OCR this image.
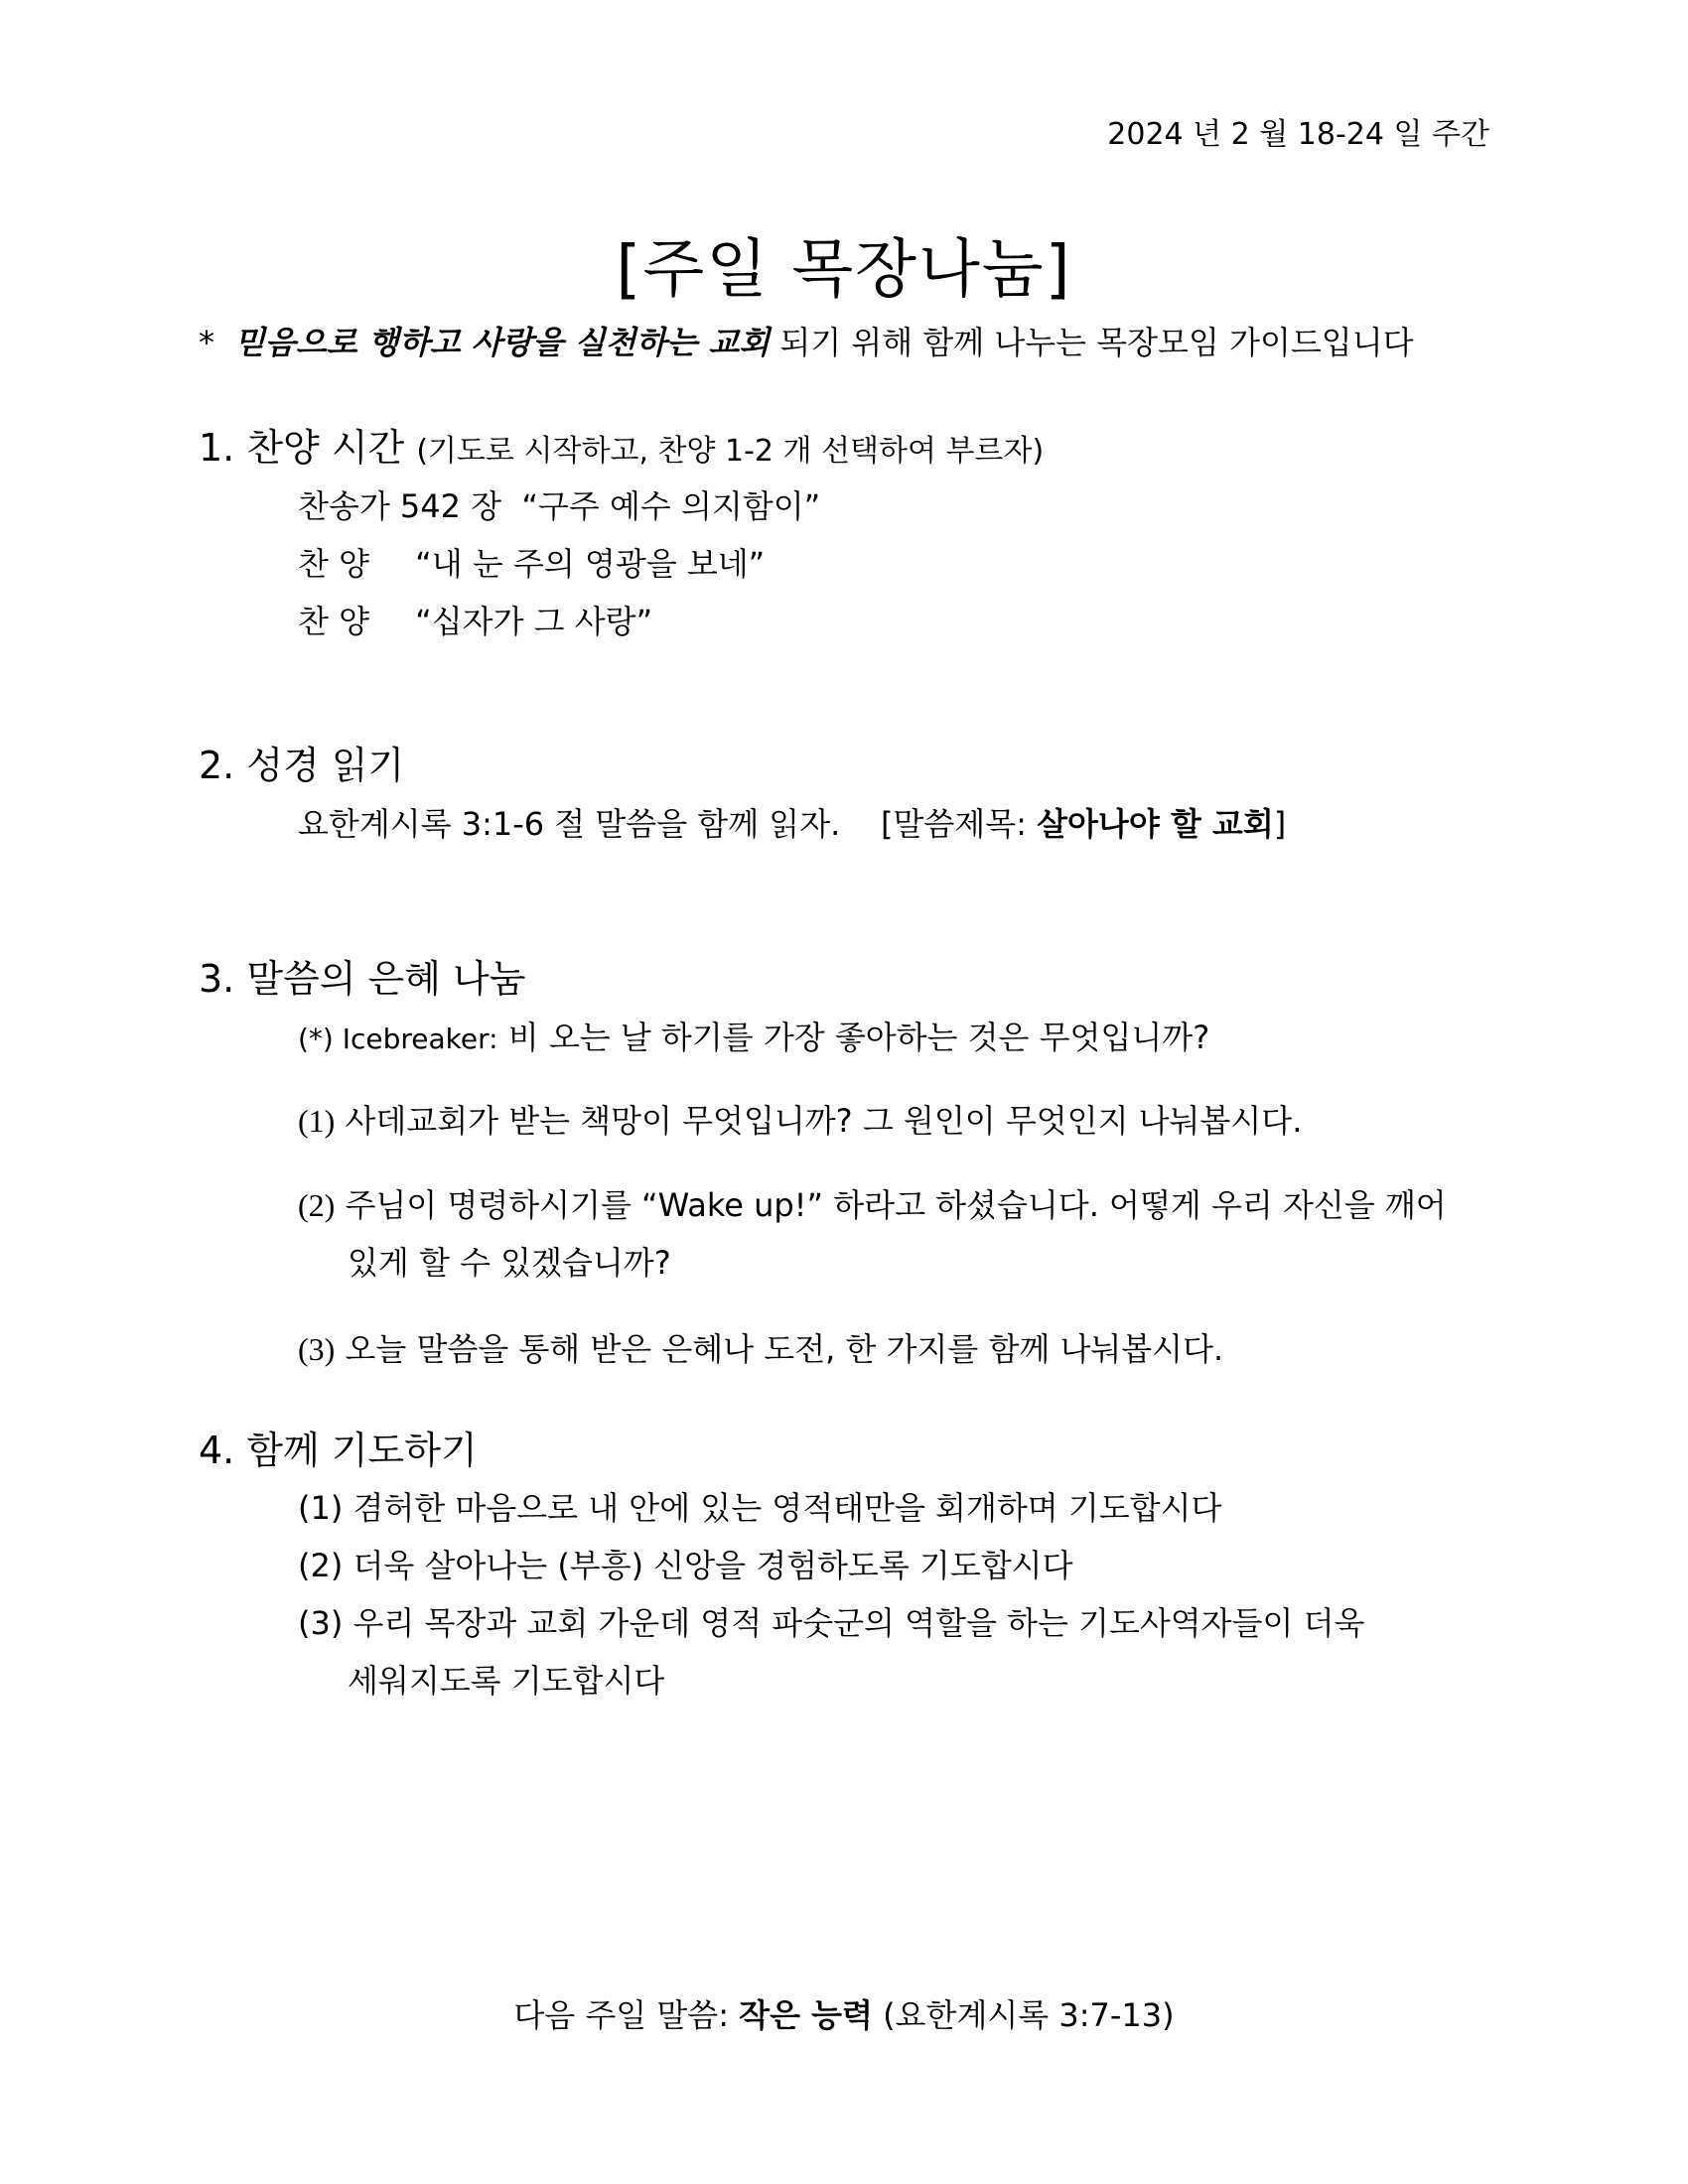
2024 년 2 월 18-24 일 주간
[주일 목장나눔]
* 믿음으로 행하고 사랑을 실천하는 교회 되기 위해 함께 나누는 목장모임 가이드입니다
1. 찬양 시간 (기도로 시작하고, 찬양 1-2 개 선택하여 부르자)
찬송가 542 장 “구주 예수 의지함이”
찬 양 “내 눈 주의 영광을 보네”
찬 양 “십자가 그 사랑”
2. 성경 읽기
요한계시록 3:1-6 절 말씀을 함께 읽자. [말씀제목: 살아나야 할 교회]
3. 말씀의 은혜 나눔
(*) Icebreaker: 비 오는 날 하기를 가장 좋아하는 것은 무엇입니까?
(1) 사데교회가 받는 책망이 무엇입니까? 그 원인이 무엇인지 나눠봅시다.
(2) 주님이 명령하시기를 “Wake up!” 하라고 하셨습니다. 어떻게 우리 자신을 깨어
있게 할 수 있겠습니까?
(3) 오늘 말씀을 통해 받은 은혜나 도전, 한 가지를 함께 나눠봅시다.
4. 함께 기도하기
(1) 겸허한 마음으로 내 안에 있는 영적태만을 회개하며 기도합시다
(2) 더욱 살아나는 (부흥) 신앙을 경험하도록 기도합시다
(3) 우리 목장과 교회 가운데 영적 파숫군의 역할을 하는 기도사역자들이 더욱
세워지도록 기도합시다
다음 주일 말씀: 작은 능력 (요한계시록 3:7-13)
